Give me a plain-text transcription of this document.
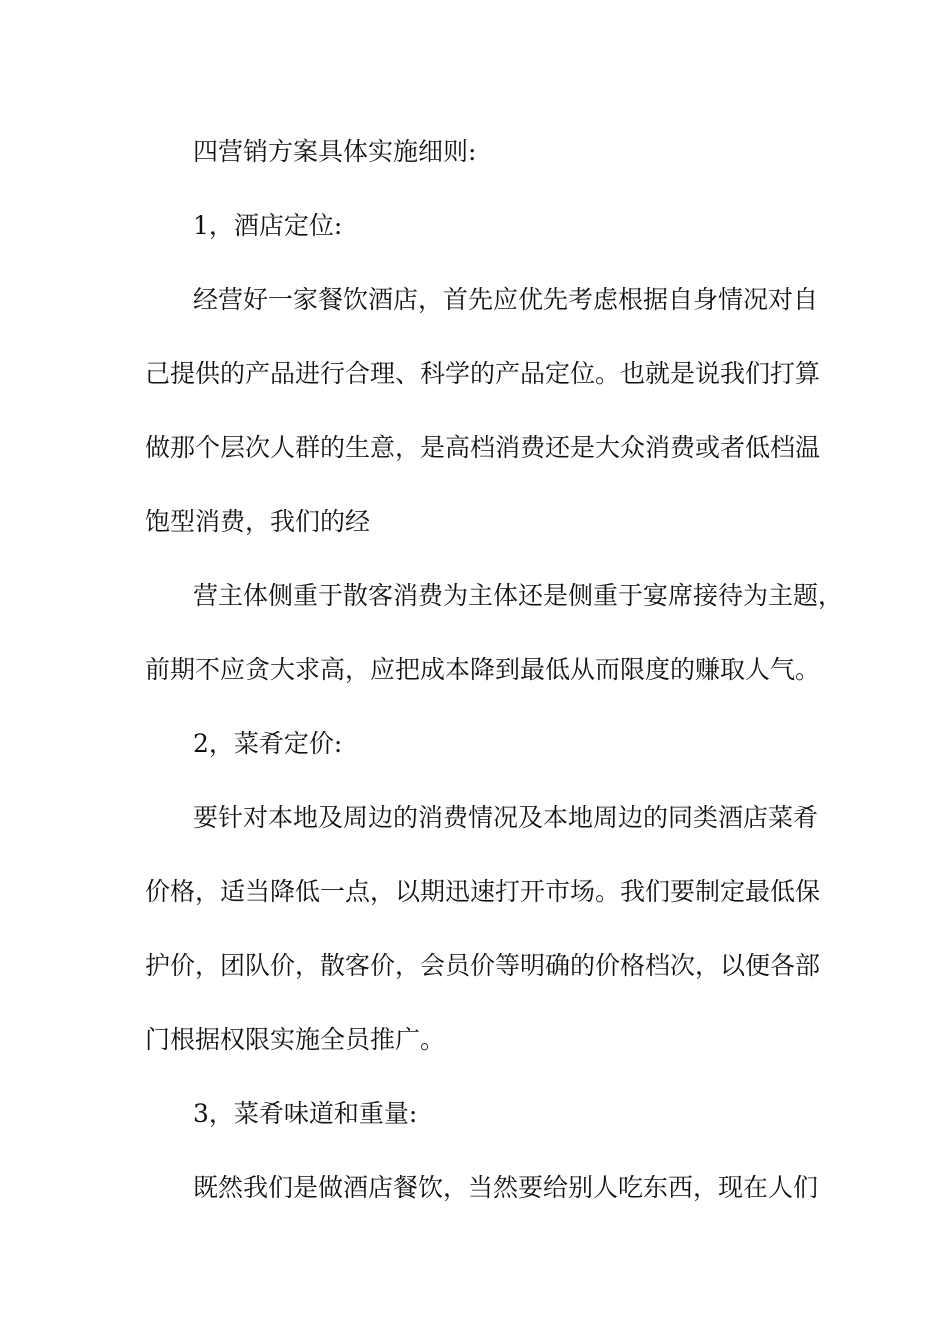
四营销方案具体实施细则:
1，酒店定位:
经营好一家餐饮酒店，首先应优先考虑根据自身情况对自
己提供的产品进行合理、科学的产品定位。也就是说我们打算
做那个层次人群的生意，是高档消费还是大众消费或者低档温
饱型消费，我们的经
营主体侧重于散客消费为主体还是侧重于宴席接待为主题，
前期不应贪大求高，应把成本降到最低从而限度的赚取人气。
2，菜肴定价:
要针对本地及周边的消费情况及本地周边的同类酒店菜肴
价格，适当降低一点，以期迅速打开市场。我们要制定最低保
护价，团队价，散客价，会员价等明确的价格档次，以便各部
门根据权限实施全员推广。
3，菜肴味道和重量:
既然我们是做酒店餐饮，当然要给别人吃东西，现在人们
